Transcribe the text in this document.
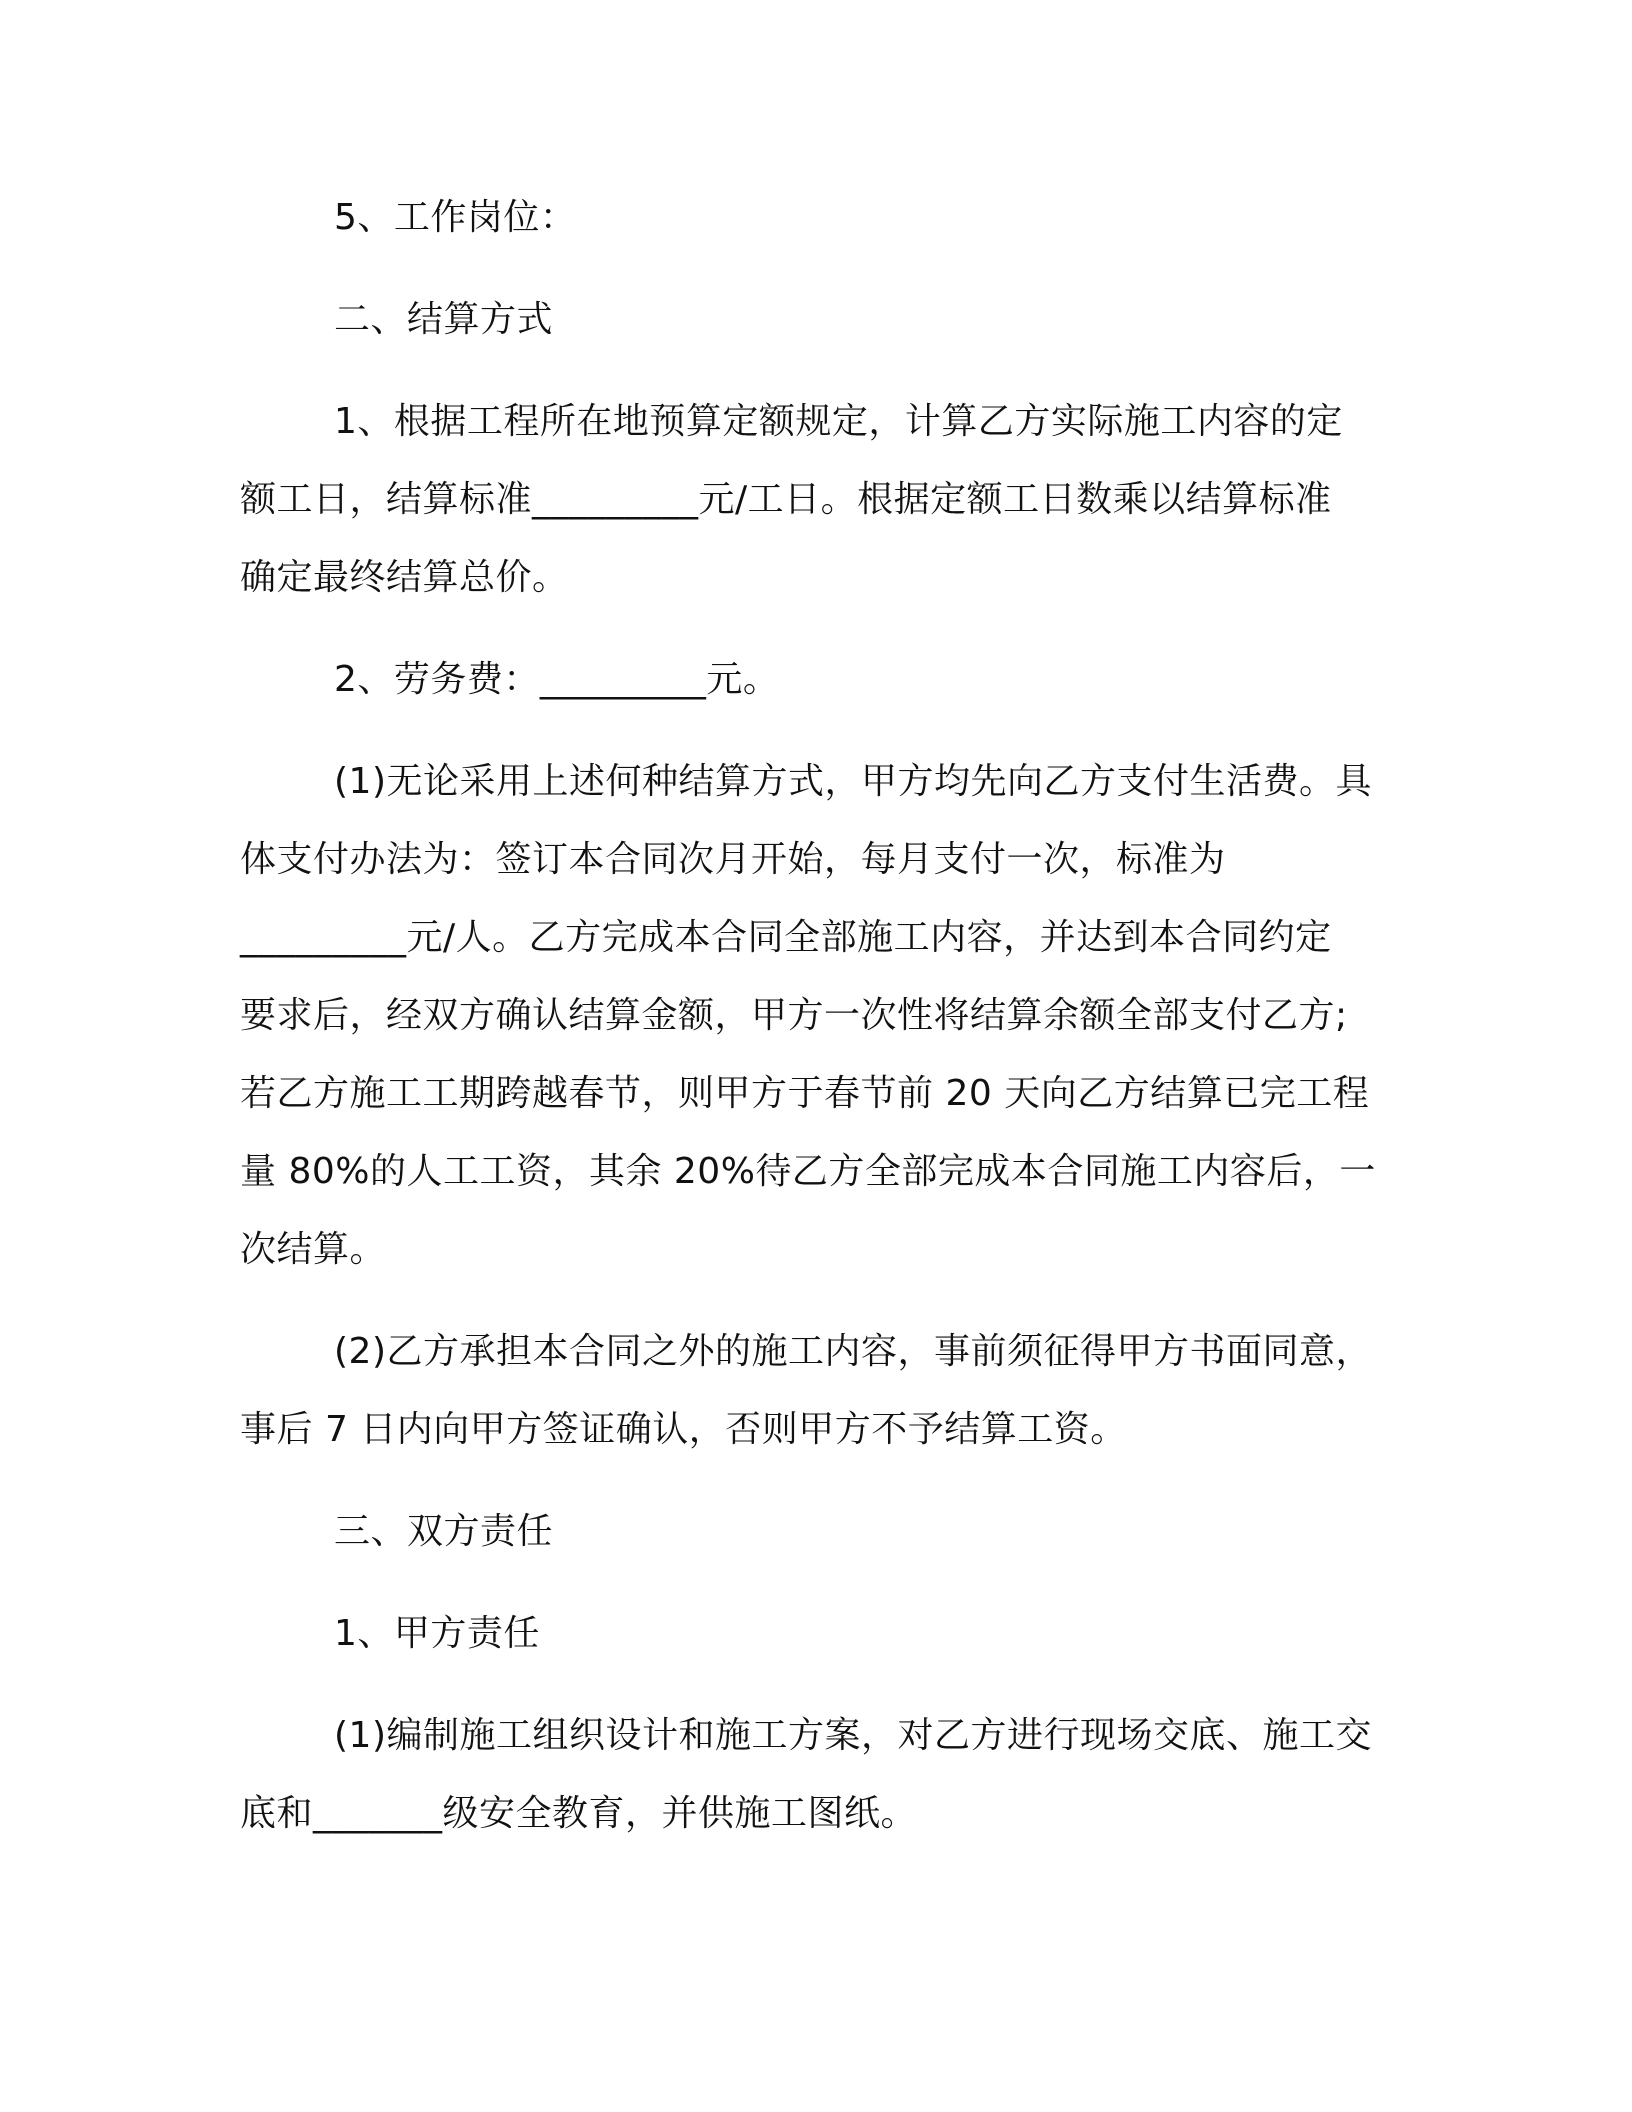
5、工作岗位：
二、结算方式
1、根据工程所在地预算定额规定，计算乙方实际施工内容的定
额工日，结算标准_________元/工日。根据定额工日数乘以结算标准
确定最终结算总价。
2、劳务费：_________元。
(1)无论采用上述何种结算方式，甲方均先向乙方支付生活费。具
体支付办法为：签订本合同次月开始，每月支付一次，标准为
_________元/人。乙方完成本合同全部施工内容，并达到本合同约定
要求后，经双方确认结算金额，甲方一次性将结算余额全部支付乙方;
若乙方施工工期跨越春节，则甲方于春节前 20 天向乙方结算已完工程
量 80%的人工工资，其余 20%待乙方全部完成本合同施工内容后，一
次结算。
(2)乙方承担本合同之外的施工内容，事前须征得甲方书面同意，
事后 7 日内向甲方签证确认，否则甲方不予结算工资。
三、双方责任
1、甲方责任
(1)编制施工组织设计和施工方案，对乙方进行现场交底、施工交
底和_______级安全教育，并供施工图纸。
